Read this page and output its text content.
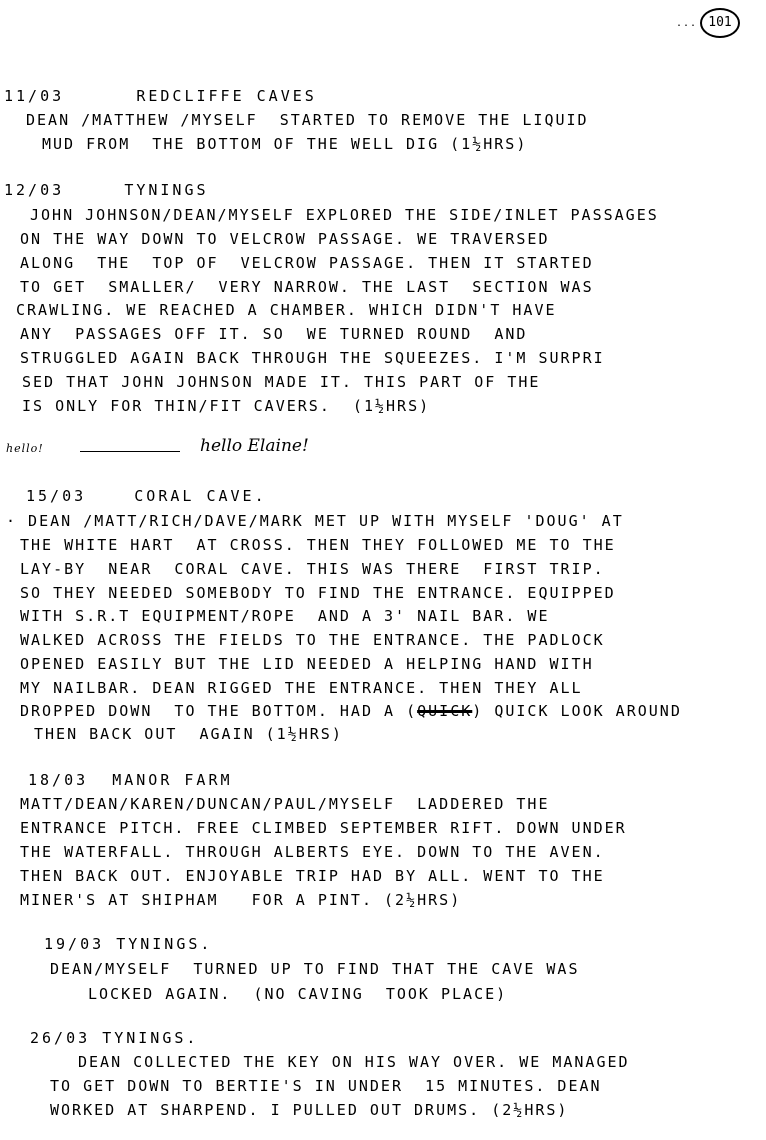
... 101
11/03	REDCLIFFE CAVES
DEAN /MATTHEW /MYSELF  STARTED TO REMOVE THE LIQUID
MUD FROM  THE BOTTOM OF THE WELL DIG (1½HRS)
12/03	TYNINGS
JOHN JOHNSON/DEAN/MYSELF EXPLORED THE SIDE/INLET PASSAGES
ON THE WAY DOWN TO VELCROW PASSAGE. WE TRAVERSED
ALONG  THE  TOP OF  VELCROW PASSAGE. THEN IT STARTED
TO GET  SMALLER/  VERY NARROW. THE LAST  SECTION WAS
CRAWLING. WE REACHED A CHAMBER. WHICH DIDN'T HAVE
ANY  PASSAGES OFF IT. SO  WE TURNED ROUND  AND
STRUGGLED AGAIN BACK THROUGH THE SQUEEZES. I'M SURPRI
SED THAT JOHN JOHNSON MADE IT. THIS PART OF THE
IS ONLY FOR THIN/FIT CAVERS.  (1½HRS)
hello!	hello Elaine!
15/03	CORAL CAVE.
· DEAN /MATT/RICH/DAVE/MARK MET UP WITH MYSELF 'DOUG' AT
THE WHITE HART  AT CROSS. THEN THEY FOLLOWED ME TO THE
LAY-BY  NEAR  CORAL CAVE. THIS WAS THERE  FIRST TRIP.
SO THEY NEEDED SOMEBODY TO FIND THE ENTRANCE. EQUIPPED
WITH S.R.T EQUIPMENT/ROPE  AND A 3' NAIL BAR. WE
WALKED ACROSS THE FIELDS TO THE ENTRANCE. THE PADLOCK
OPENED EASILY BUT THE LID NEEDED A HELPING HAND WITH
MY NAILBAR. DEAN RIGGED THE ENTRANCE. THEN THEY ALL
DROPPED DOWN  TO THE BOTTOM. HAD A (QUICK) QUICK LOOK AROUND
THEN BACK OUT  AGAIN (1½HRS)
18/03 MANOR FARM
MATT/DEAN/KAREN/DUNCAN/PAUL/MYSELF  LADDERED THE
ENTRANCE PITCH. FREE CLIMBED SEPTEMBER RIFT. DOWN UNDER
THE WATERFALL. THROUGH ALBERTS EYE. DOWN TO THE AVEN.
THEN BACK OUT. ENJOYABLE TRIP HAD BY ALL. WENT TO THE
MINER'S AT SHIPHAM   FOR A PINT. (2½HRS)
19/03 TYNINGS.
DEAN/MYSELF  TURNED UP TO FIND THAT THE CAVE WAS
LOCKED AGAIN.  (NO CAVING  TOOK PLACE)
26/03 TYNINGS.
DEAN COLLECTED THE KEY ON HIS WAY OVER. WE MANAGED
TO GET DOWN TO BERTIE'S IN UNDER  15 MINUTES. DEAN
WORKED AT SHARPEND. I PULLED OUT DRUMS. (2½HRS)
